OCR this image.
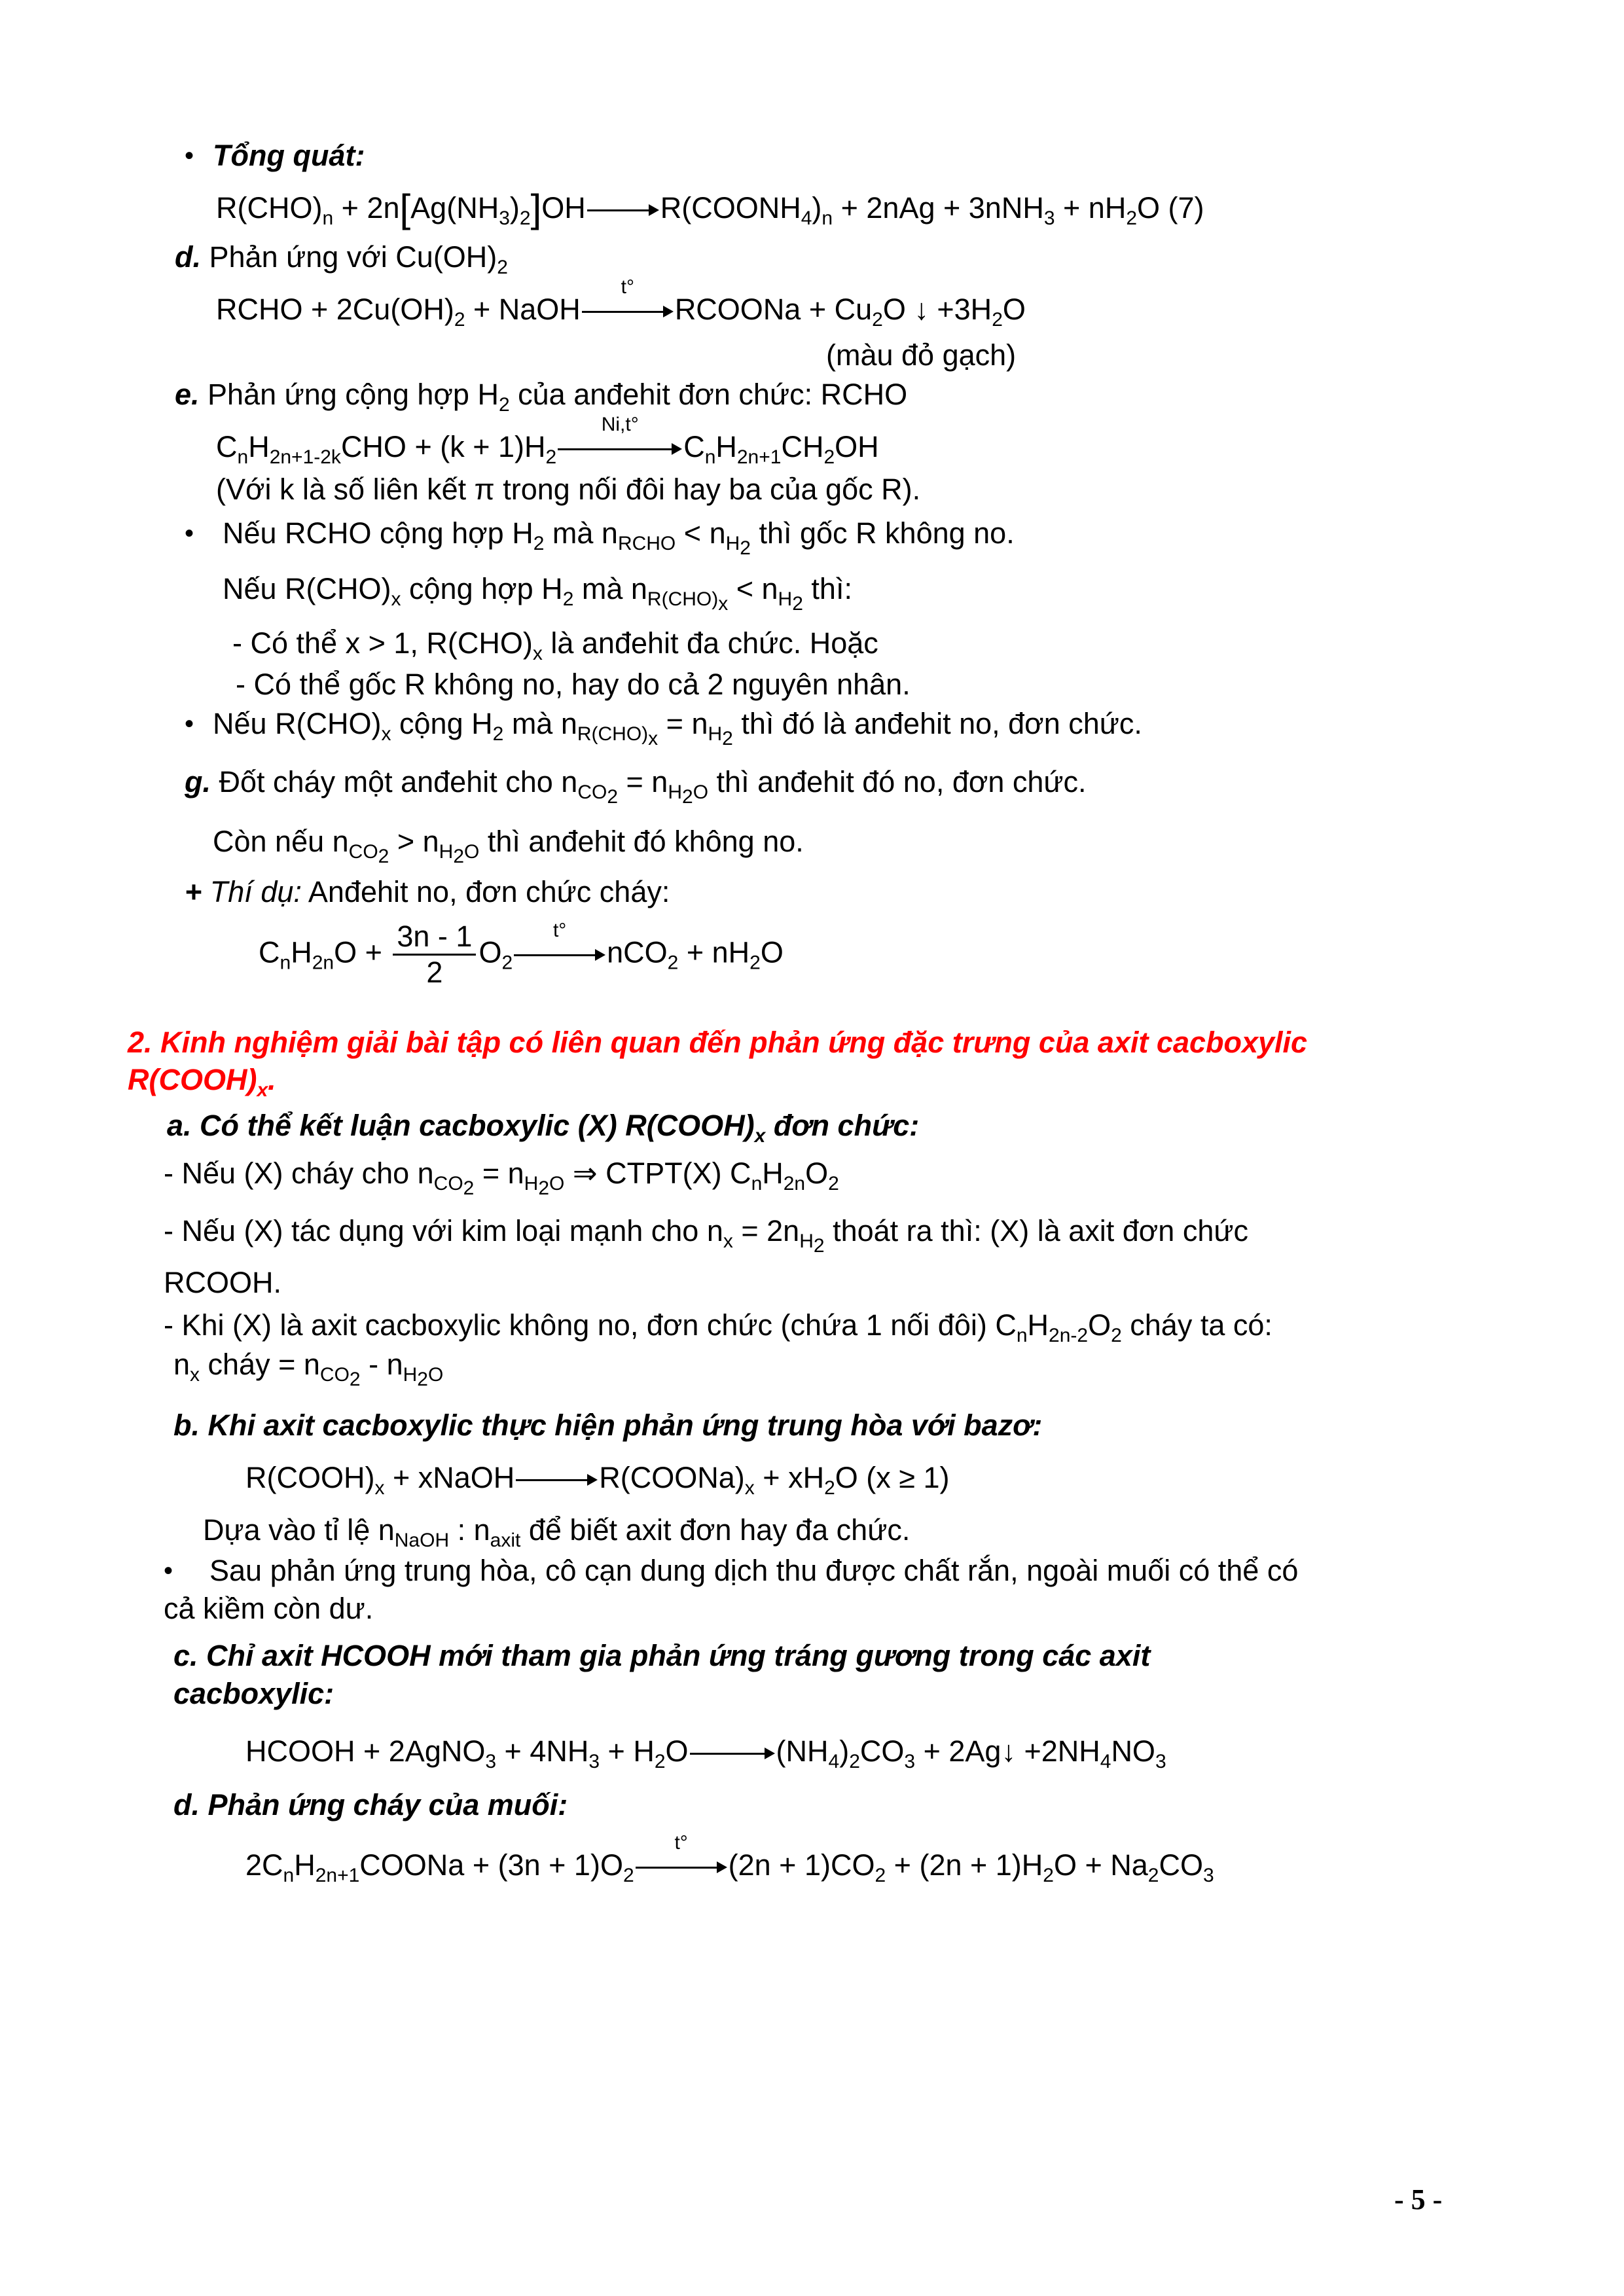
• Tổng quát:
$R(CHO)_n + 2n[Ag(NH_3)_2]OH$	$R(COONH_4)_n + 2nAg + 3nNH_3 + nH_2O$ (7)
d. Phản ứng với $Cu(OH)_2$
RCHO + $2Cu(OH)_2$ + NaOH
t°
RCOONa + $Cu_2O$ ↓ $+3H_2O$
(màu đỏ gạch)
e. Phản ứng cộng hợp $H_2$ của anđehit đơn chức: RCHO
$C_nH_{2n+1-2k}CHO + (k + 1)H_2$
Ni,t°
$C_nH_{2n+1}CH_2OH$
(Với k là số liên kết π trong nối đôi hay ba của gốc R).
• Nếu RCHO cộng hợp $H_2$ mà $n_{RCHO} < n_{H_2}$ thì gốc R không no.
Nếu $R(CHO)_x$ cộng hợp $H_2$ mà $n_{R(CHO)_x} < n_{H_2}$ thì:
- Có thể x > 1, $R(CHO)_x$ là anđehit đa chức. Hoặc
- Có thể gốc R không no, hay do cả 2 nguyên nhân.
• Nếu $R(CHO)_x$ cộng $H_2$ mà $n_{R(CHO)_x} = n_{H_2}$ thì đó là anđehit no, đơn chức.
g. Đốt cháy một anđehit cho $n_{CO_2} = n_{H_2O}$ thì anđehit đó no, đơn chức.
Còn nếu $n_{CO_2} > n_{H_2O}$ thì anđehit đó không no.
+ Thí dụ: Anđehit no, đơn chức cháy:
$C_nH_{2n}O + \frac{3n - 1}{2} O_2$
t°
$nCO_2 + nH_2O$
2. Kinh nghiệm giải bài tập có liên quan đến phản ứng đặc trưng của axit cacboxylic
$R(COOH)_x$.
a. Có thể kết luận cacboxylic (X) $R(COOH)_x$ đơn chức:
- Nếu (X) cháy cho $n_{CO_2} = n_{H_2O}$ ⇒ CTPT(X) $C_nH_{2n}O_2$
- Nếu (X) tác dụng với kim loại mạnh cho $n_x = 2n_{H_2}$ thoát ra thì: (X) là axit đơn chức
RCOOH.
- Khi (X) là axit cacboxylic không no, đơn chức (chứa 1 nối đôi) $C_nH_{2n-2}O_2$ cháy ta có:
$n_x$ cháy = $n_{CO_2} - n_{H_2O}$
b. Khi axit cacboxylic thực hiện phản ứng trung hòa với bazơ:
$R(COOH)_x$ + xNaOH	$R(COONa)_x + xH_2O$ (x ≥ 1)
Dựa vào tỉ lệ $n_{NaOH}$ : $n_{axit}$ để biết axit đơn hay đa chức.
• Sau phản ứng trung hòa, cô cạn dung dịch thu được chất rắn, ngoài muối có thể có
cả kiềm còn dư.
c. Chỉ axit HCOOH mới tham gia phản ứng tráng gương trong các axit
cacboxylic:
HCOOH + 2AgNO$_3$ + $4NH_3 + H_2O$	$(NH_4)_2CO_3$ + 2Ag↓ $+2NH_4NO_3$
d. Phản ứng cháy của muối:
$2C_nH_{2n+1}COONa + (3n + 1)O_2$
t°
$(2n + 1)CO_2 + (2n + 1)H_2O + Na_2CO_3$
- 5 -
